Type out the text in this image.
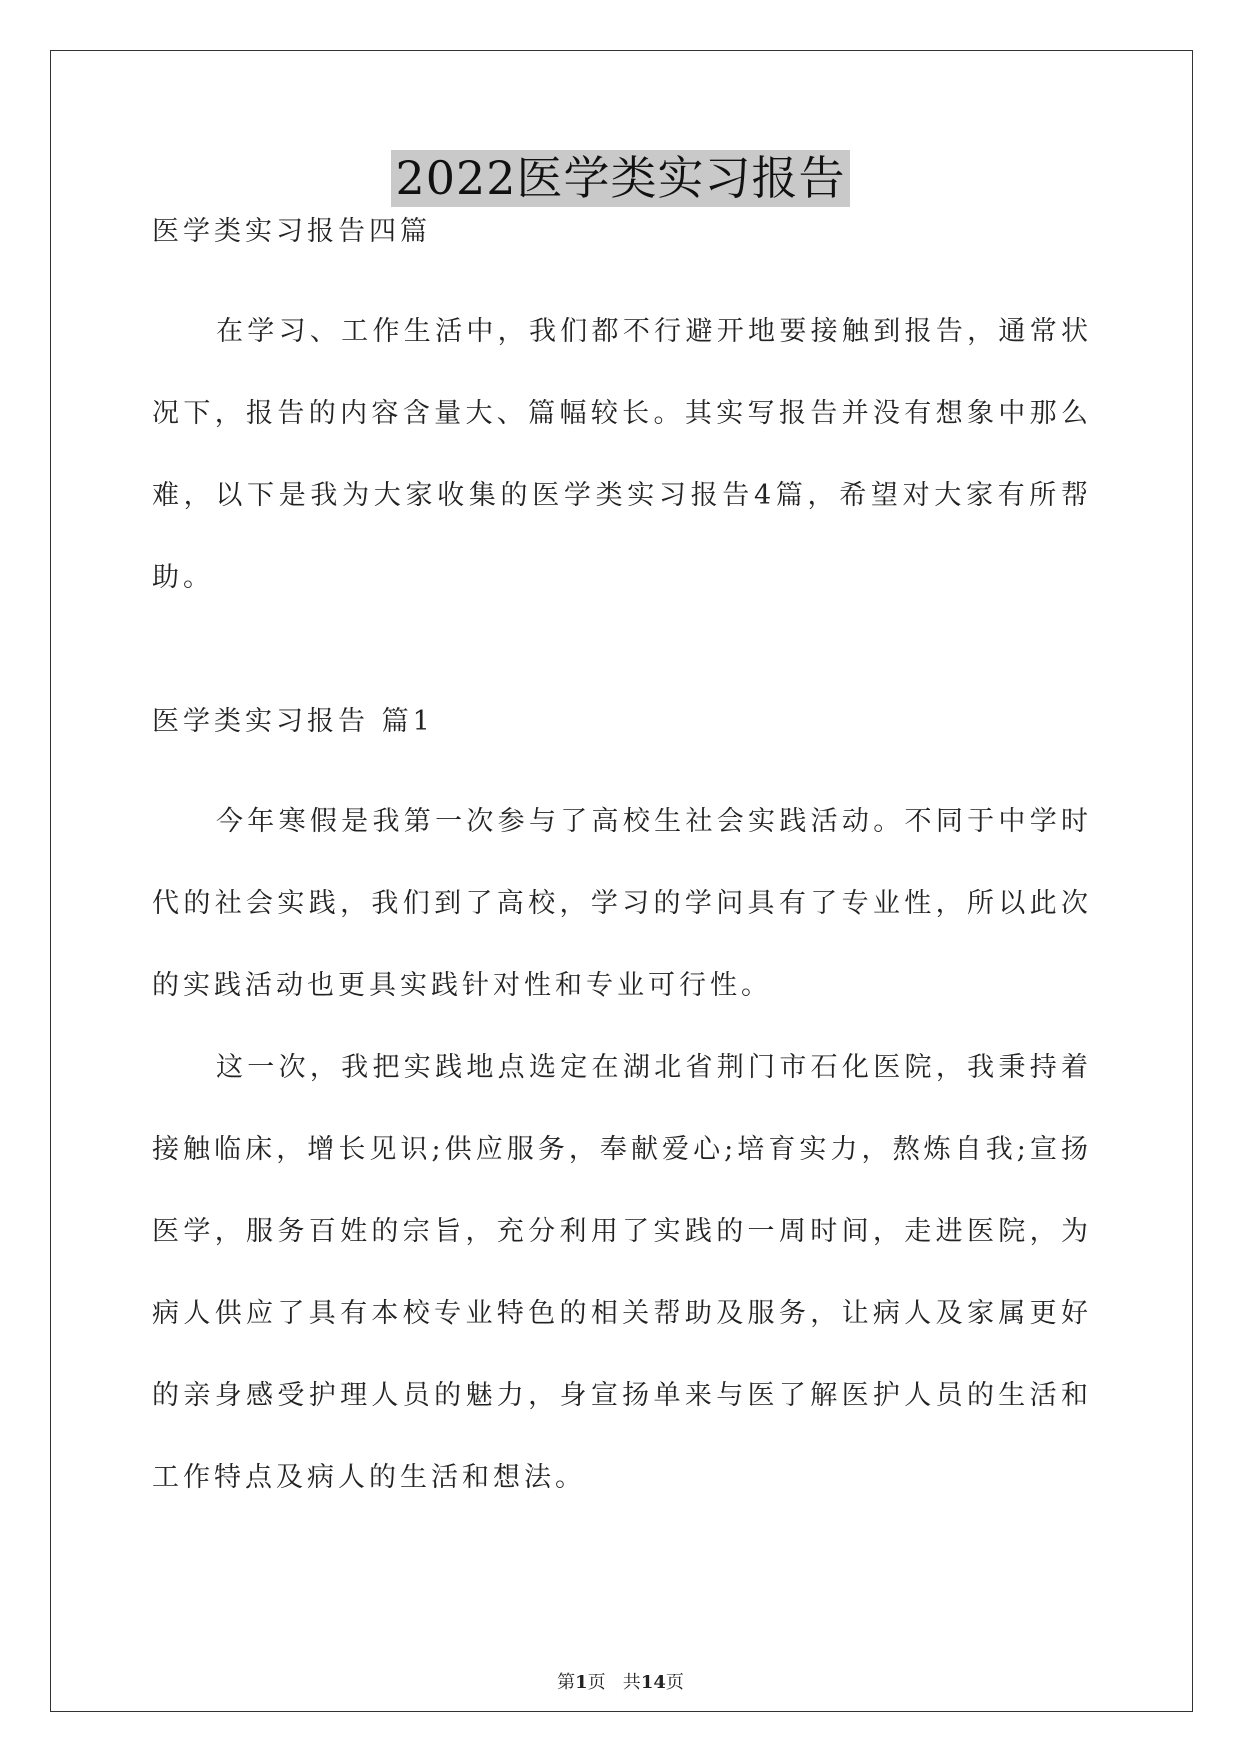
2022医学类实习报告

医学类实习报告四篇

在学习、工作生活中，我们都不行避开地要接触到报告，通常状况下，报告的内容含量大、篇幅较长。其实写报告并没有想象中那么难，以下是我为大家收集的医学类实习报告4篇，希望对大家有所帮助。

医学类实习报告 篇1

今年寒假是我第一次参与了高校生社会实践活动。不同于中学时代的社会实践，我们到了高校，学习的学问具有了专业性，所以此次的实践活动也更具实践针对性和专业可行性。

这一次，我把实践地点选定在湖北省荆门市石化医院，我秉持着接触临床，增长见识;供应服务，奉献爱心;培育实力，熬炼自我;宣扬医学，服务百姓的宗旨，充分利用了实践的一周时间，走进医院，为病人供应了具有本校专业特色的相关帮助及服务，让病人及家属更好的亲身感受护理人员的魅力，身宣扬单来与医了解医护人员的生活和工作特点及病人的生活和想法。

第1页   共14页
